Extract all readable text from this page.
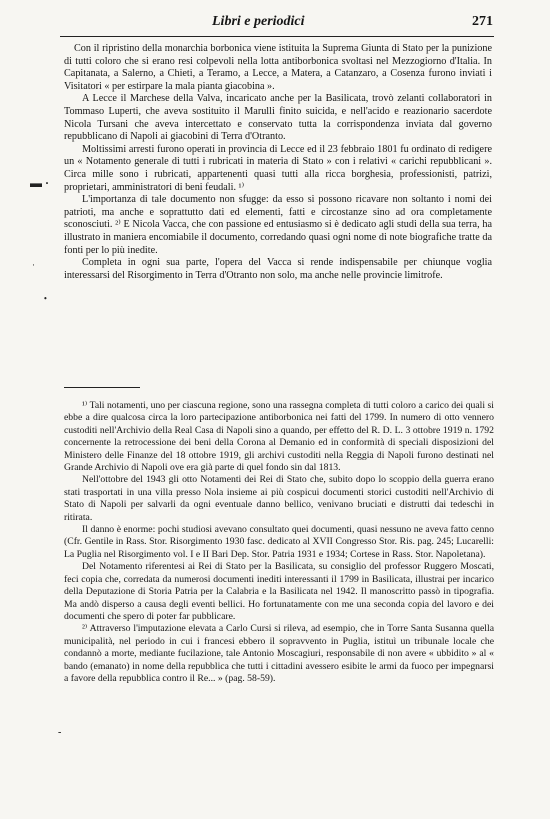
Libri e periodici	271

Con il ripristino della monarchia borbonica viene istituita la Suprema Giunta di Stato per la punizione di tutti coloro che si erano resi colpevoli nella lotta antiborbonica svoltasi nel Mezzogiorno d'Italia. In Capitanata, a Salerno, a Chieti, a Teramo, a Lecce, a Matera, a Catanzaro, a Cosenza furono inviati i Visitatori « per estirpare la mala pianta giacobina ».

A Lecce il Marchese della Valva, incaricato anche per la Basilicata, trovò zelanti collaboratori in Tommaso Luperti, che aveva sostituito il Marulli finito suicida, e nell'acido e reazionario sacerdote Nicola Tursani che aveva intercettato e conservato tutta la corrispondenza inviata dal governo repubblicano di Napoli ai giacobini di Terra d'Otranto.

Moltissimi arresti furono operati in provincia di Lecce ed il 23 febbraio 1801 fu ordinato di redigere un « Notamento generale di tutti i rubricati in materia di Stato » con i relativi « carichi repubblicani ». Circa mille sono i rubricati, appartenenti quasi tutti alla ricca borghesia, professionisti, patrizi, proprietari, amministratori di beni feudali. ¹⁾

L'importanza di tale documento non sfugge: da esso si possono ricavare non soltanto i nomi dei patrioti, ma anche e soprattutto dati ed elementi, fatti e circostanze sino ad ora completamente sconosciuti. ²⁾ E Nicola Vacca, che con passione ed entusiasmo si è dedicato agli studi della sua terra, ha illustrato in maniera encomiabile il documento, corredando quasi ogni nome di note biografiche tratte da fonti per lo più inedite.

Completa in ogni sua parte, l'opera del Vacca si rende indispensabile per chiunque voglia interessarsi del Risorgimento in Terra d'Otranto non solo, ma anche nelle provincie limitrofe.

¹⁾ Tali notamenti, uno per ciascuna regione, sono una rassegna completa di tutti coloro a carico dei quali si ebbe a dire qualcosa circa la loro partecipazione antiborbonica nei fatti del 1799. In numero di otto vennero custoditi nell'Archivio della Real Casa di Napoli sino a quando, per effetto del R. D. L. 3 ottobre 1919 n. 1792 concernente la retrocessione dei beni della Corona al Demanio ed in conformità di speciali disposizioni del Ministero delle Finanze del 18 ottobre 1919, gli archivi custoditi nella Reggia di Napoli furono destinati nel Grande Archivio di Napoli ove era già parte di quel fondo sin dal 1813.

Nell'ottobre del 1943 gli otto Notamenti dei Rei di Stato che, subito dopo lo scoppio della guerra erano stati trasportati in una villa presso Nola insieme ai più cospicui documenti storici custoditi nell'Archivio di Stato di Napoli per salvarli da ogni eventuale danno bellico, venivano bruciati e distrutti dai tedeschi in ritirata.

Il danno è enorme: pochi studiosi avevano consultato quei documenti, quasi nessuno ne aveva fatto cenno (Cfr. Gentile in Rass. Stor. Risorgimento 1930 fasc. dedicato al XVII Congresso Stor. Ris. pag. 245; Lucarelli: La Puglia nel Risorgimento vol. I e II Bari Dep. Stor. Patria 1931 e 1934; Cortese in Rass. Stor. Napoletana).

Del Notamento riferentesi ai Rei di Stato per la Basilicata, su consiglio del professor Ruggero Moscati, feci copia che, corredata da numerosi documenti inediti interessanti il 1799 in Basilicata, illustrai per incarico della Deputazione di Storia Patria per la Calabria e la Basilicata nel 1942. Il manoscritto passò in tipografia. Ma andò disperso a causa degli eventi bellici. Ho fortunatamente con me una seconda copia del lavoro e dei documenti che spero di poter far pubblicare.

²⁾ Attraverso l'imputazione elevata a Carlo Cursi si rileva, ad esempio, che in Torre Santa Susanna quella municipalità, nel periodo in cui i francesi ebbero il sopravvento in Puglia, istituì un tribunale locale che condannò a morte, mediante fucilazione, tale Antonio Moscagiuri, responsabile di non avere « ubbidito » al « bando (emanato) in nome della repubblica che tutti i cittadini avessero esibite le armi da fuoco per impegnarsi a favore della repubblica contro il Re... » (pag. 58-59).

▬ ·
·
•
-
